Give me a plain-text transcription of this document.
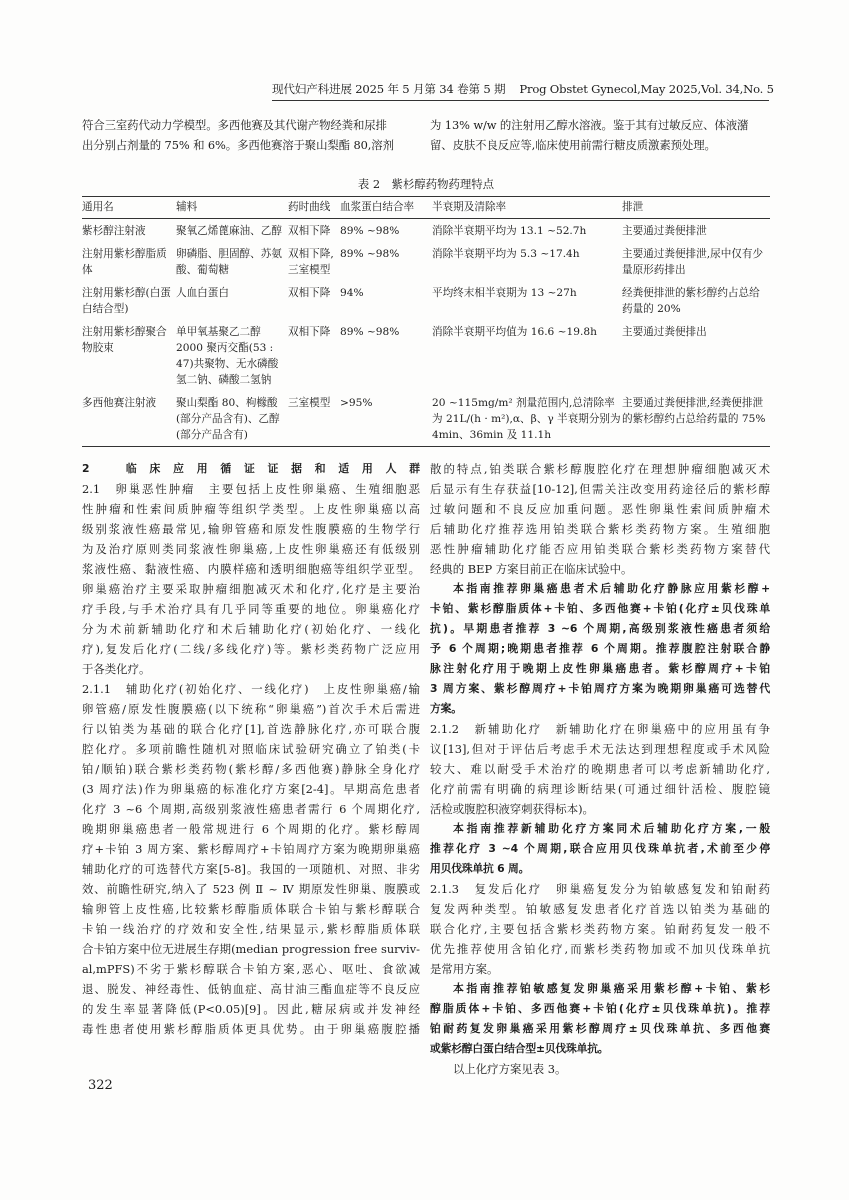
现代妇产科进展 2025 年 5 月第 34 卷第 5 期 Prog Obstet Gynecol,May 2025,Vol. 34,No. 5
符合三室药代动力学模型。多西他赛及其代谢产物经粪和尿排
出分别占剂量的 75% 和 6%。多西他赛溶于聚山梨酯 80,溶剂
为 13% w/w 的注射用乙醇水溶液。鉴于其有过敏反应、体液潴
留、皮肤不良反应等,临床使用前需行糖皮质激素预处理。
表 2　紫杉醇药物药理特点
通用名	辅料	药时曲线	血浆蛋白结合率	半衰期及清除率	排泄
紫杉醇注射液	聚氧乙烯蓖麻油、乙醇	双相下降	89% ~98%	消除半衰期平均为 13.1 ~52.7h	主要通过粪便排泄
注射用紫杉醇脂质体	卵磷脂、胆固醇、苏氨酸、葡萄糖	双相下降,三室模型	89% ~98%	消除半衰期平均为 5.3 ~17.4h	主要通过粪便排泄,尿中仅有少量原形药排出
注射用紫杉醇(白蛋白结合型)	人血白蛋白	双相下降	94%	平均终末相半衰期为 13 ~27h	经粪便排泄的紫杉醇约占总给药量的 20%
注射用紫杉醇聚合物胶束	单甲氧基聚乙二醇 2000 聚丙交酯(53 : 47)共聚物、无水磷酸氢二钠、磷酸二氢钠	双相下降	89% ~98%	消除半衰期平均值为 16.6 ~19.8h	主要通过粪便排出
多西他赛注射液	聚山梨酯 80、枸橼酸(部分产品含有)、乙醇(部分产品含有)	三室模型	>95%	20 ~115mg/m² 剂量范围内,总清除率为 21L/(h · m²),α、β、γ 半衰期分别为 4min、36min 及 11.1h	主要通过粪便排泄,经粪便排泄的紫杉醇约占总给药量的 75%
2　临床应用循证证据和适用人群
2.1　卵巢恶性肿瘤　主要包括上皮性卵巢癌、生殖细胞恶
性肿瘤和性索间质肿瘤等组织学类型。上皮性卵巢癌以高
级别浆液性癌最常见,输卵管癌和原发性腹膜癌的生物学行
为及治疗原则类同浆液性卵巢癌,上皮性卵巢癌还有低级别
浆液性癌、黏液性癌、内膜样癌和透明细胞癌等组织学亚型。
卵巢癌治疗主要采取肿瘤细胞减灭术和化疗,化疗是主要治
疗手段,与手术治疗具有几乎同等重要的地位。卵巢癌化疗
分为术前新辅助化疗和术后辅助化疗(初始化疗、一线化
疗),复发后化疗(二线/多线化疗)等。紫杉类药物广泛应用
于各类化疗。
2.1.1　辅助化疗(初始化疗、一线化疗)　上皮性卵巢癌/输
卵管癌/原发性腹膜癌(以下统称“卵巢癌”)首次手术后需进
行以铂类为基础的联合化疗[1],首选静脉化疗,亦可联合腹
腔化疗。多项前瞻性随机对照临床试验研究确立了铂类(卡
铂/顺铂)联合紫杉类药物(紫杉醇/多西他赛)静脉全身化疗
(3 周疗法)作为卵巢癌的标准化疗方案[2-4]。早期高危患者
化疗 3 ~6 个周期,高级别浆液性癌患者需行 6 个周期化疗,
晚期卵巢癌患者一般常规进行 6 个周期的化疗。紫杉醇周
疗+卡铂 3 周方案、紫杉醇周疗+卡铂周疗方案为晚期卵巢癌
辅助化疗的可选替代方案[5-8]。我国的一项随机、对照、非劣
效、前瞻性研究,纳入了 523 例 Ⅱ ~ Ⅳ 期原发性卵巢、腹膜或
输卵管上皮性癌,比较紫杉醇脂质体联合卡铂与紫杉醇联合
卡铂一线治疗的疗效和安全性,结果显示,紫杉醇脂质体联
合卡铂方案中位无进展生存期(median progression free surviv-
al,mPFS)不劣于紫杉醇联合卡铂方案,恶心、呕吐、食欲减
退、脱发、神经毒性、低钠血症、高甘油三酯血症等不良反应
的发生率显著降低(P<0.05)[9]。因此,糖尿病或并发神经
毒性患者使用紫杉醇脂质体更具优势。由于卵巢癌腹腔播
散的特点,铂类联合紫杉醇腹腔化疗在理想肿瘤细胞减灭术
后显示有生存获益[10-12],但需关注改变用药途径后的紫杉醇
过敏问题和不良反应加重问题。恶性卵巢性索间质肿瘤术
后辅助化疗推荐选用铂类联合紫杉类药物方案。生殖细胞
恶性肿瘤辅助化疗能否应用铂类联合紫杉类药物方案替代
经典的 BEP 方案目前正在临床试验中。
本指南推荐卵巢癌患者术后辅助化疗静脉应用紫杉醇+
卡铂、紫杉醇脂质体+卡铂、多西他赛+卡铂(化疗±贝伐珠单
抗)。早期患者推荐 3 ~6 个周期,高级别浆液性癌患者须给
予 6 个周期;晚期患者推荐 6 个周期。推荐腹腔注射联合静
脉注射化疗用于晚期上皮性卵巢癌患者。紫杉醇周疗+卡铂
3 周方案、紫杉醇周疗+卡铂周疗方案为晚期卵巢癌可选替代
方案。
2.1.2　新辅助化疗　新辅助化疗在卵巢癌中的应用虽有争
议[13],但对于评估后考虑手术无法达到理想程度或手术风险
较大、难以耐受手术治疗的晚期患者可以考虑新辅助化疗,
化疗前需有明确的病理诊断结果(可通过细针活检、腹腔镜
活检或腹腔积液穿刺获得标本)。
本指南推荐新辅助化疗方案同术后辅助化疗方案,一般
推荐化疗 3 ~4 个周期,联合应用贝伐珠单抗者,术前至少停
用贝伐珠单抗 6 周。
2.1.3　复发后化疗　卵巢癌复发分为铂敏感复发和铂耐药
复发两种类型。铂敏感复发患者化疗首选以铂类为基础的
联合化疗,主要包括含紫杉类药物方案。铂耐药复发一般不
优先推荐使用含铂化疗,而紫杉类药物加或不加贝伐珠单抗
是常用方案。
本指南推荐铂敏感复发卵巢癌采用紫杉醇+卡铂、紫杉
醇脂质体+卡铂、多西他赛+卡铂(化疗±贝伐珠单抗)。推荐
铂耐药复发卵巢癌采用紫杉醇周疗±贝伐珠单抗、多西他赛
或紫杉醇白蛋白结合型±贝伐珠单抗。
以上化疗方案见表 3。
322
